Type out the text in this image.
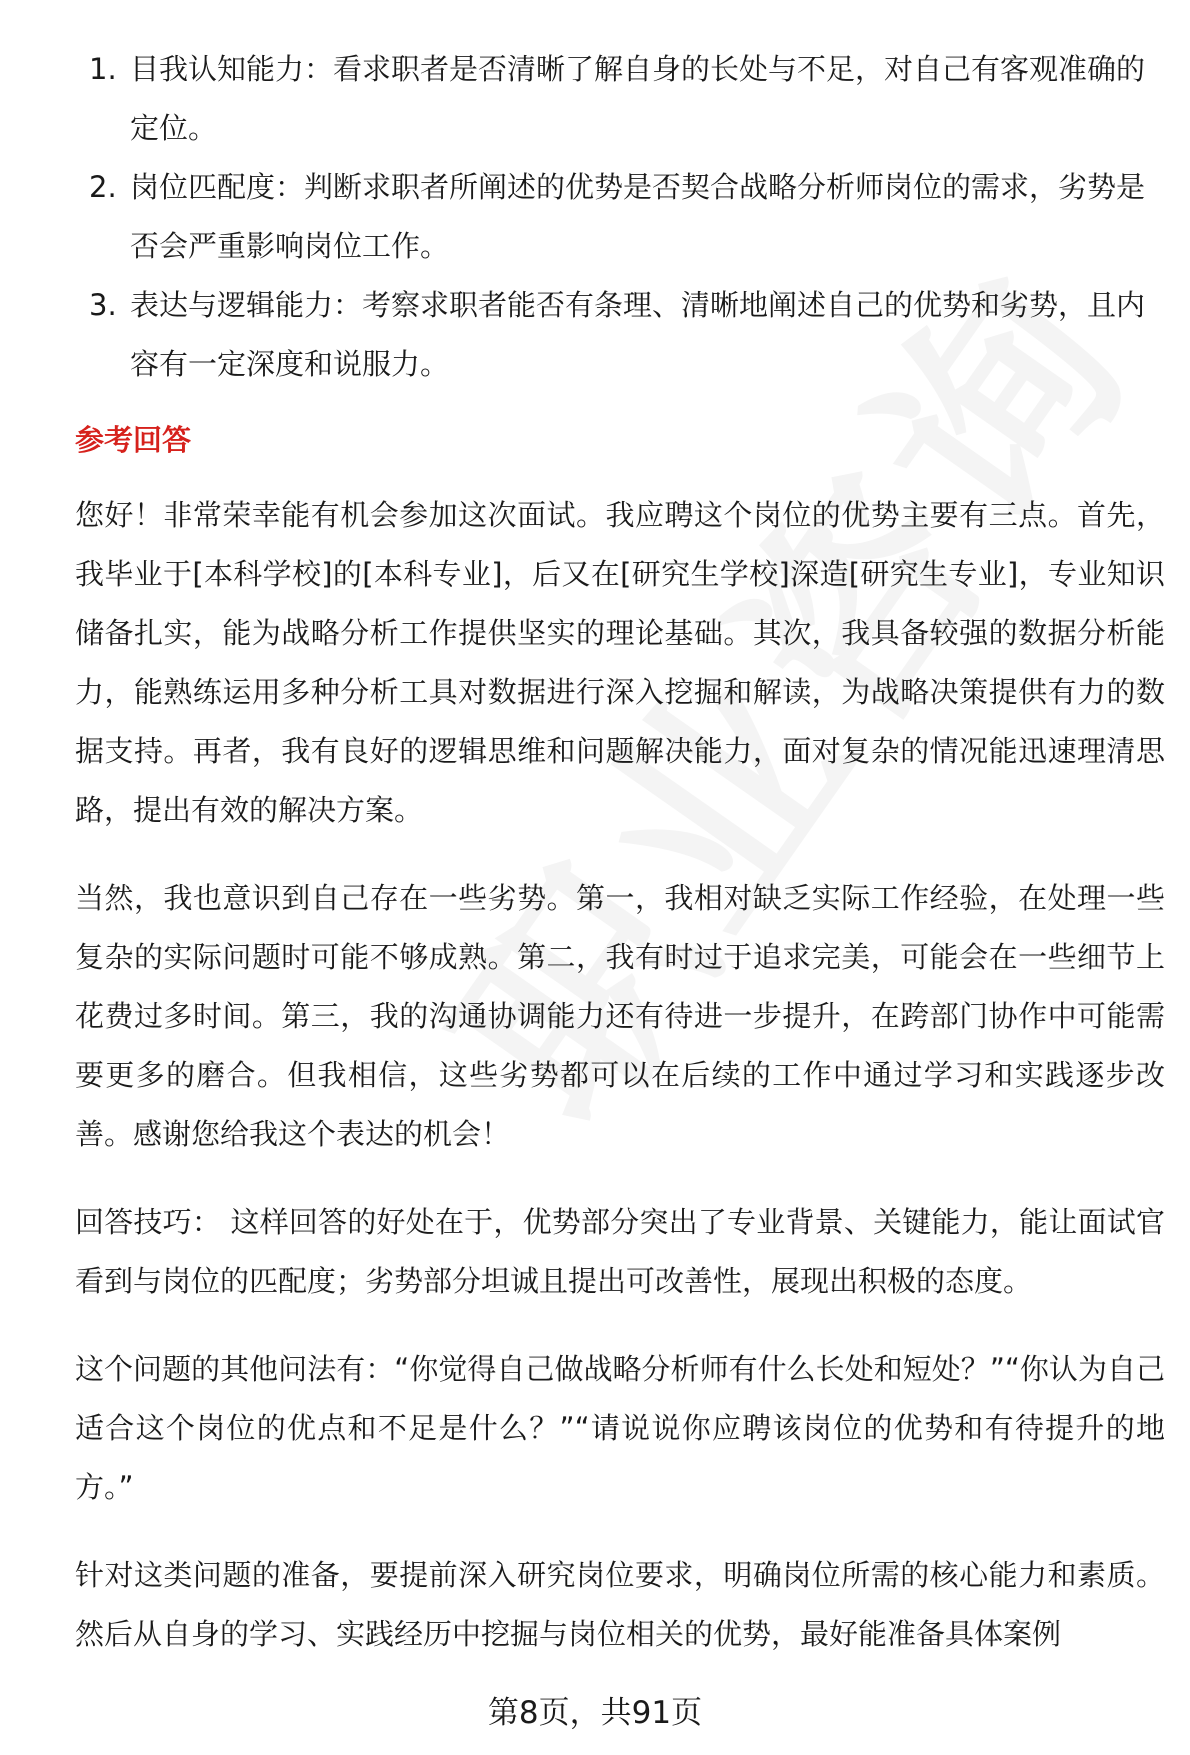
1. 目我认知能力：看求职者是否清晰了解自身的长处与不足，对自己有客观准确的定位。
2. 岗位匹配度：判断求职者所阐述的优势是否契合战略分析师岗位的需求，劣势是否会严重影响岗位工作。
3. 表达与逻辑能力：考察求职者能否有条理、清晰地阐述自己的优势和劣势，且内容有一定深度和说服力。
参考回答

您好！非常荣幸能有机会参加这次面试。我应聘这个岗位的优势主要有三点。首先，我毕业于[本科学校]的[本科专业]，后又在[研究生学校]深造[研究生专业]，专业知识储备扎实，能为战略分析工作提供坚实的理论基础。其次，我具备较强的数据分析能力，能熟练运用多种分析工具对数据进行深入挖掘和解读，为战略决策提供有力的数据支持。再者，我有良好的逻辑思维和问题解决能力，面对复杂的情况能迅速理清思路，提出有效的解决方案。

当然，我也意识到自己存在一些劣势。第一，我相对缺乏实际工作经验，在处理一些复杂的实际问题时可能不够成熟。第二，我有时过于追求完美，可能会在一些细节上花费过多时间。第三，我的沟通协调能力还有待进一步提升，在跨部门协作中可能需要更多的磨合。但我相信，这些劣势都可以在后续的工作中通过学习和实践逐步改善。感谢您给我这个表达的机会！

回答技巧： 这样回答的好处在于，优势部分突出了专业背景、关键能力，能让面试官看到与岗位的匹配度；劣势部分坦诚且提出可改善性，展现出积极的态度。

这个问题的其他问法有：“你觉得自己做战略分析师有什么长处和短处？”“你认为自己适合这个岗位的优点和不足是什么？”“请说说你应聘该岗位的优势和有待提升的地方。”

针对这类问题的准备，要提前深入研究岗位要求，明确岗位所需的核心能力和素质。然后从自身的学习、实践经历中挖掘与岗位相关的优势，最好能准备具体案例

第8页，共91页
